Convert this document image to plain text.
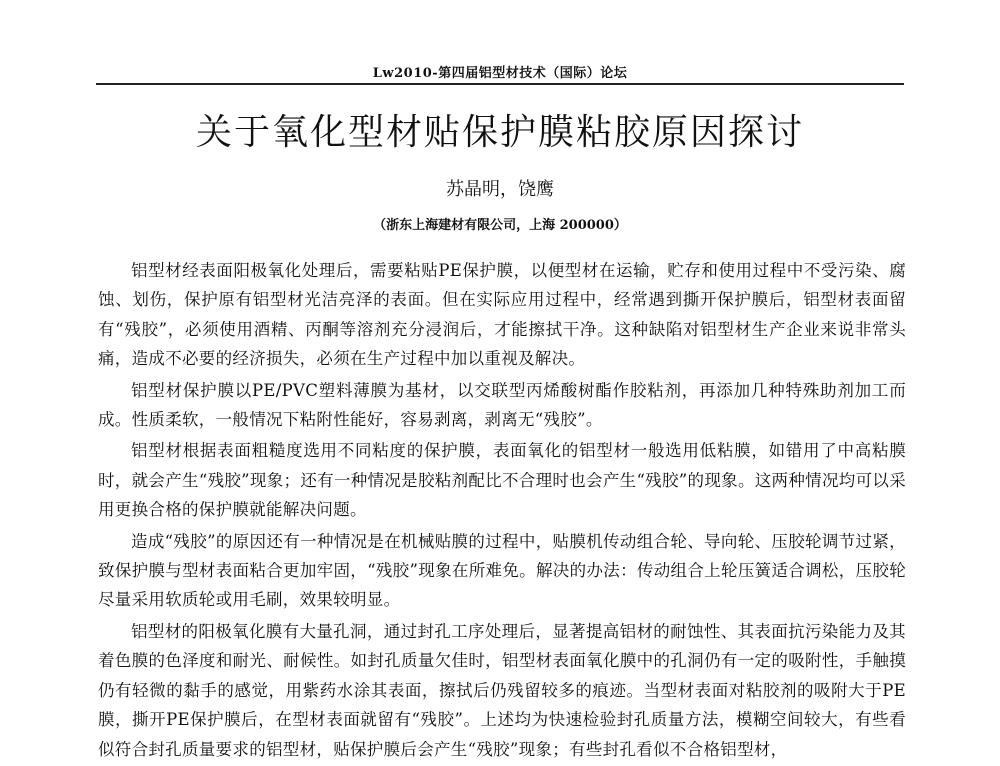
Lw2010-第四届铝型材技术（国际）论坛
关于氧化型材贴保护膜粘胶原因探讨
苏晶明，饶鹰
（浙东上海建材有限公司，上海 200000）

铝型材经表面阳极氧化处理后，需要粘贴PE保护膜，以便型材在运输，贮存和使用过程中不受污染、腐蚀、划伤，保护原有铝型材光洁亮泽的表面。但在实际应用过程中，经常遇到撕开保护膜后，铝型材表面留有“残胶”，必须使用酒精、丙酮等溶剂充分浸润后，才能擦拭干净。这种缺陷对铝型材生产企业来说非常头痛，造成不必要的经济损失，必须在生产过程中加以重视及解决。

铝型材保护膜以PE/PVC塑料薄膜为基材，以交联型丙烯酸树酯作胶粘剂，再添加几种特殊助剂加工而成。性质柔软，一般情况下粘附性能好，容易剥离，剥离无“残胶”。

铝型材根据表面粗糙度选用不同粘度的保护膜，表面氧化的铝型材一般选用低粘膜，如错用了中高粘膜时，就会产生“残胶”现象；还有一种情况是胶粘剂配比不合理时也会产生“残胶”的现象。这两种情况均可以采用更换合格的保护膜就能解决问题。

造成“残胶”的原因还有一种情况是在机械贴膜的过程中，贴膜机传动组合轮、导向轮、压胶轮调节过紧，致保护膜与型材表面粘合更加牢固，“残胶”现象在所难免。解决的办法：传动组合上轮压簧适合调松，压胶轮尽量采用软质轮或用毛刷，效果较明显。

铝型材的阳极氧化膜有大量孔洞，通过封孔工序处理后，显著提高铝材的耐蚀性、其表面抗污染能力及其着色膜的色泽度和耐光、耐候性。如封孔质量欠佳时，铝型材表面氧化膜中的孔洞仍有一定的吸附性，手触摸仍有轻微的黏手的感觉，用紫药水涂其表面，擦拭后仍残留较多的痕迹。当型材表面对粘胶剂的吸附大于PE膜，撕开PE保护膜后，在型材表面就留有“残胶”。上述均为快速检验封孔质量方法，模糊空间较大，有些看似符合封孔质量要求的铝型材，贴保护膜后会产生“残胶”现象；有些封孔看似不合格铝型材，
